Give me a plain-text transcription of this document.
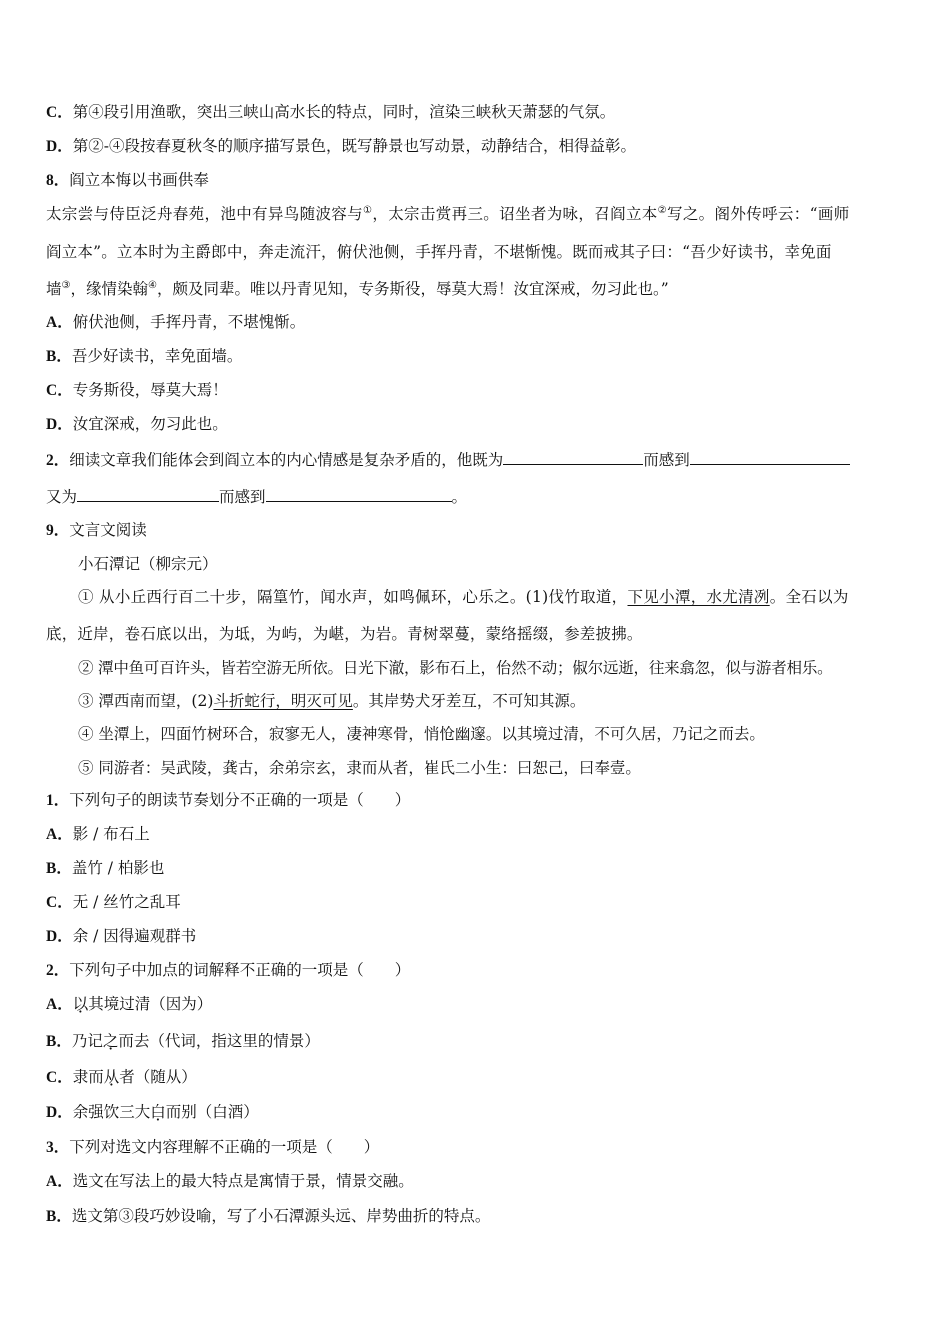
C．第④段引用渔歌，突出三峡山高水长的特点，同时，渲染三峡秋天萧瑟的气氛。
D．第②-④段按春夏秋冬的顺序描写景色，既写静景也写动景，动静结合，相得益彰。
8．阎立本悔以书画供奉
太宗尝与侍臣泛舟春苑，池中有异鸟随波容与①，太宗击赏再三。诏坐者为咏，召阎立本②写之。阁外传呼云：“画师
阎立本”。立本时为主爵郎中，奔走流汗，俯伏池侧，手挥丹青，不堪惭愧。既而戒其子曰：“吾少好读书，幸免面
墙③，缘情染翰④，颇及同辈。唯以丹青见知，专务斯役，辱莫大焉！汝宜深戒，勿习此也。”
A．俯伏池侧，手挥丹青，不堪愧惭。
B．吾少好读书，幸免面墙。
C．专务斯役，辱莫大焉！
D．汝宜深戒，勿习此也。
2．细读文章我们能体会到阎立本的内心情感是复杂矛盾的，他既为	而感到
又为	而感到	。
9．文言文阅读
小石潭记（柳宗元）
① 从小丘西行百二十步，隔篁竹，闻水声，如鸣佩环，心乐之。(1)伐竹取道，下见小潭，水尤清冽。全石以为
底，近岸，卷石底以出，为坻，为屿，为嵁，为岩。青树翠蔓，蒙络摇缀，参差披拂。
② 潭中鱼可百许头，皆若空游无所依。日光下澈，影布石上，佁然不动；俶尔远逝，往来翕忽，似与游者相乐。
③ 潭西南而望，(2)斗折蛇行，明灭可见。其岸势犬牙差互，不可知其源。
④ 坐潭上，四面竹树环合，寂寥无人，凄神寒骨，悄怆幽邃。以其境过清，不可久居，乃记之而去。
⑤ 同游者：吴武陵，龚古，余弟宗玄，隶而从者，崔氏二小生：曰恕己，曰奉壹。
1．下列句子的朗读节奏划分不正确的一项是（　　）
A．影 / 布石上
B．盖竹 / 柏影也
C．无 / 丝竹之乱耳
D．余 / 因得遍观群书
2．下列句子中加点的词解释不正确的一项是（　　）
A．以其境过清（因为）
B．乃记之而去（代词，指这里的情景）
C．隶而从者（随从）
D．余强饮三大白而别（白酒）
3．下列对选文内容理解不正确的一项是（　　）
A．选文在写法上的最大特点是寓情于景，情景交融。
B．选文第③段巧妙设喻，写了小石潭源头远、岸势曲折的特点。
